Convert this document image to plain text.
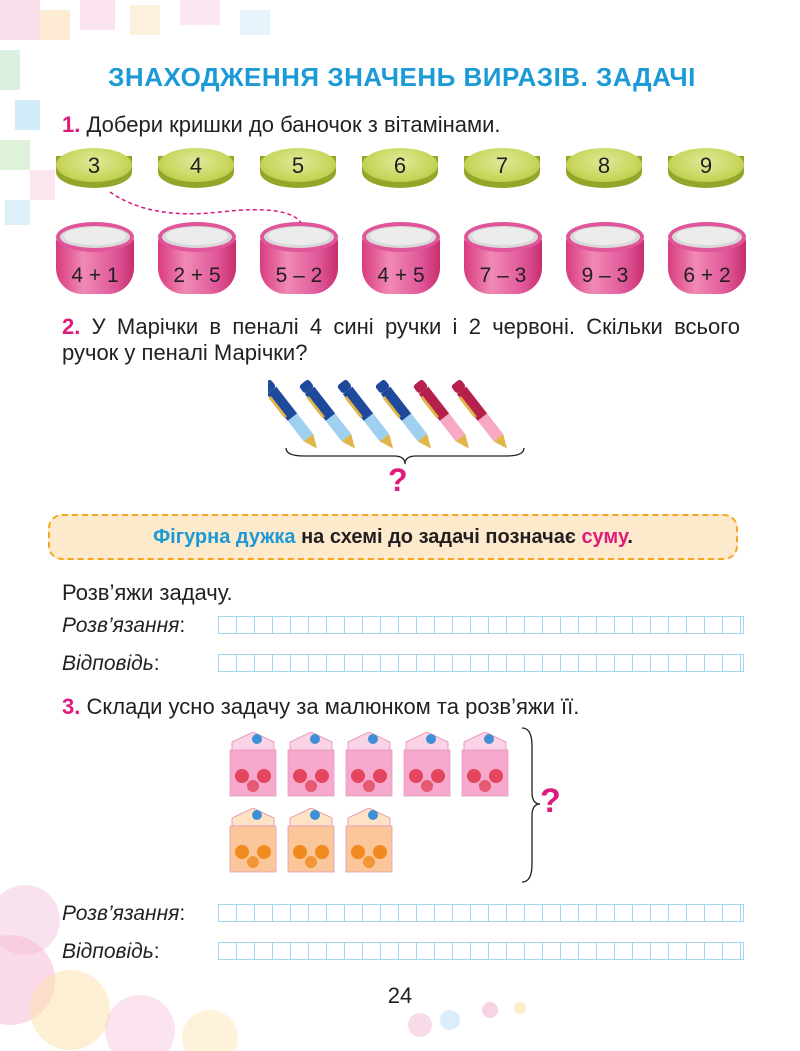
ЗНАХОДЖЕННЯ ЗНАЧЕНЬ ВИРАЗІВ. ЗАДАЧІ
1. Добери кришки до баночок з вітамінами.
3	4	5	6	7	8	9
4 + 1	2 + 5	5 – 2	4 + 5	7 – 3	9 – 3	6 + 2
2. У Марічки в пеналі 4 сині ручки і 2 червоні. Скільки всього ручок у пеналі Марічки?
?
Фігурна дужка на схемі до задачі позначає суму.
Розв’яжи задачу.
Розв’язання:
Відповідь:
3. Склади усно задачу за малюнком та розв’яжи її.
?
Розв’язання:
Відповідь:
24
